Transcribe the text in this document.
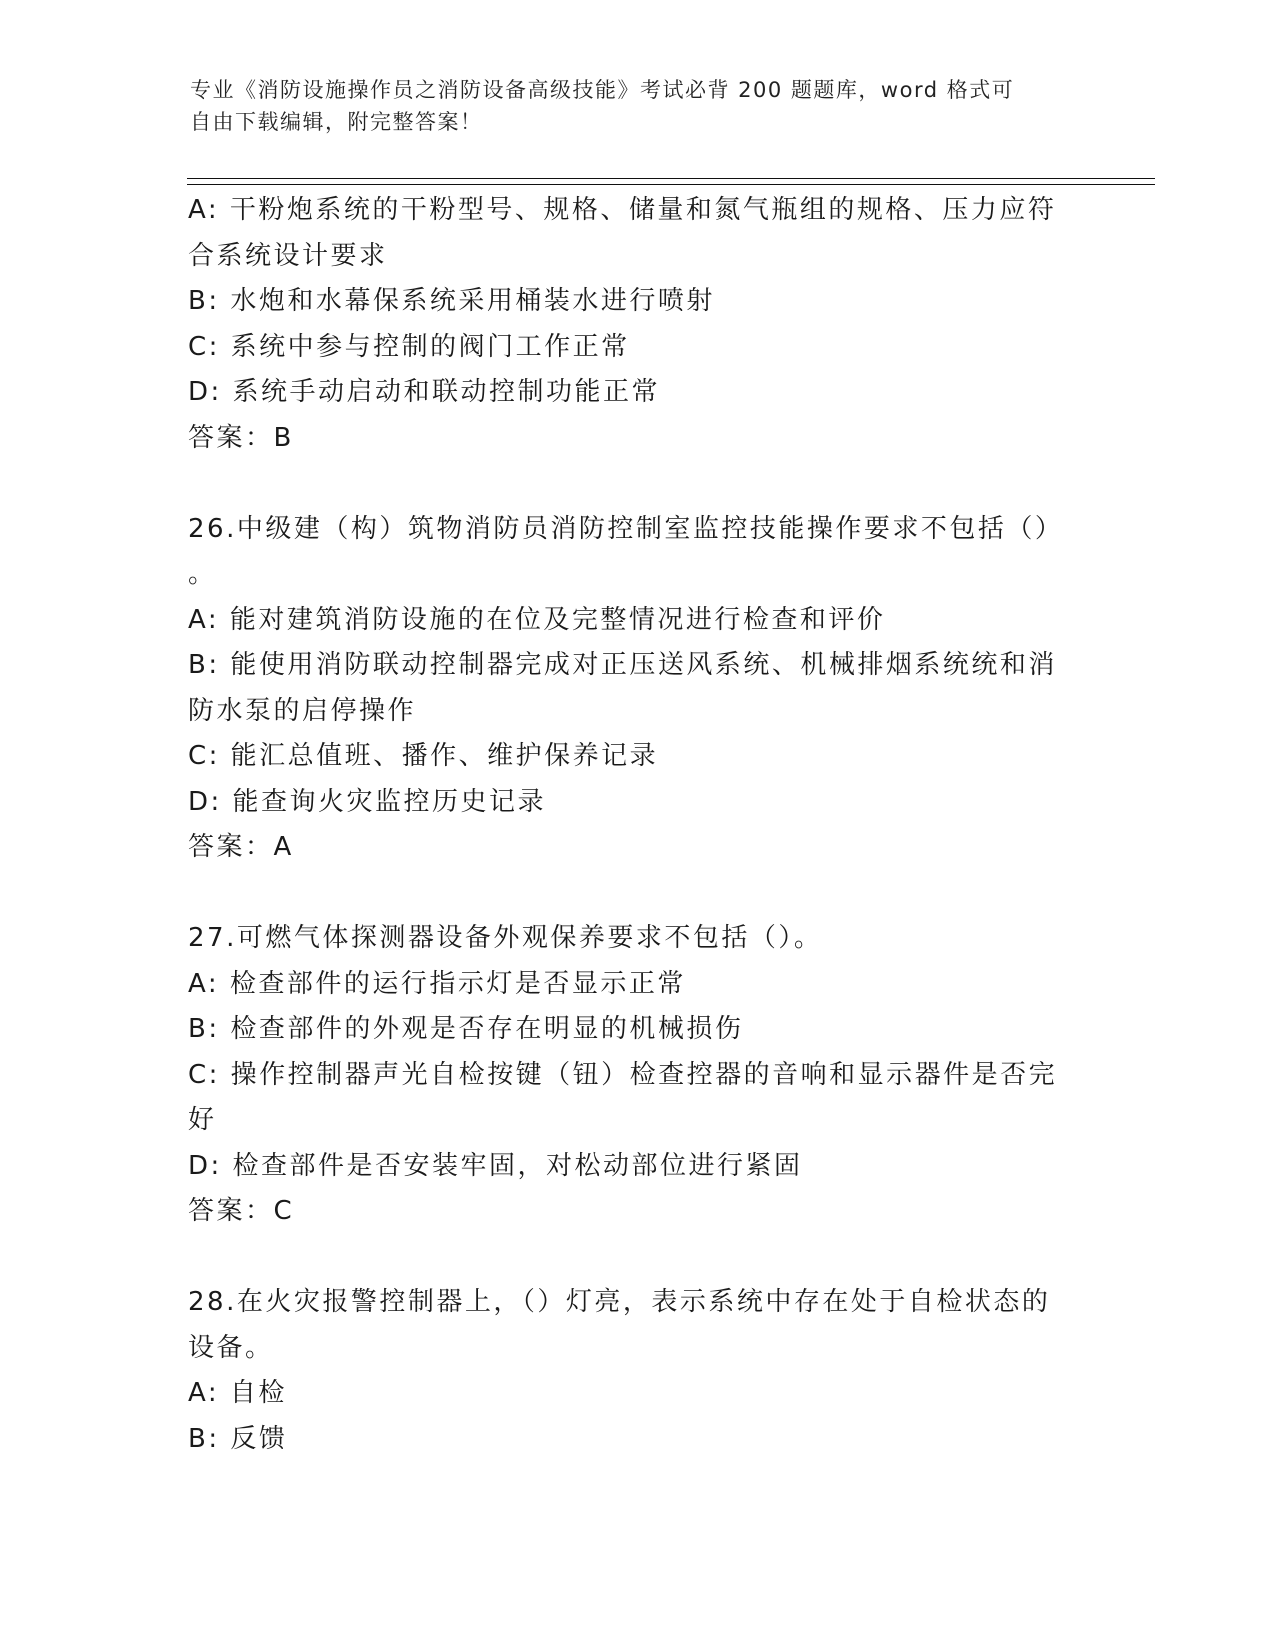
专业《消防设施操作员之消防设备高级技能》考试必背 200 题题库，word 格式可
自由下载编辑，附完整答案！
A: 干粉炮系统的干粉型号、规格、储量和氮气瓶组的规格、压力应符
合系统设计要求
B: 水炮和水幕保系统采用桶装水进行喷射
C: 系统中参与控制的阀门工作正常
D: 系统手动启动和联动控制功能正常
答案：B
26.中级建（构）筑物消防员消防控制室监控技能操作要求不包括（）
。
A: 能对建筑消防设施的在位及完整情况进行检查和评价
B: 能使用消防联动控制器完成对正压送风系统、机械排烟系统统和消
防水泵的启停操作
C: 能汇总值班、播作、维护保养记录
D: 能查询火灾监控历史记录
答案：A
27.可燃气体探测器设备外观保养要求不包括（）。
A: 检查部件的运行指示灯是否显示正常
B: 检查部件的外观是否存在明显的机械损伤
C: 操作控制器声光自检按键（钮）检查控器的音响和显示器件是否完
好
D: 检查部件是否安装牢固，对松动部位进行紧固
答案：C
28.在火灾报警控制器上，（）灯亮，表示系统中存在处于自检状态的
设备。
A: 自检
B: 反馈
